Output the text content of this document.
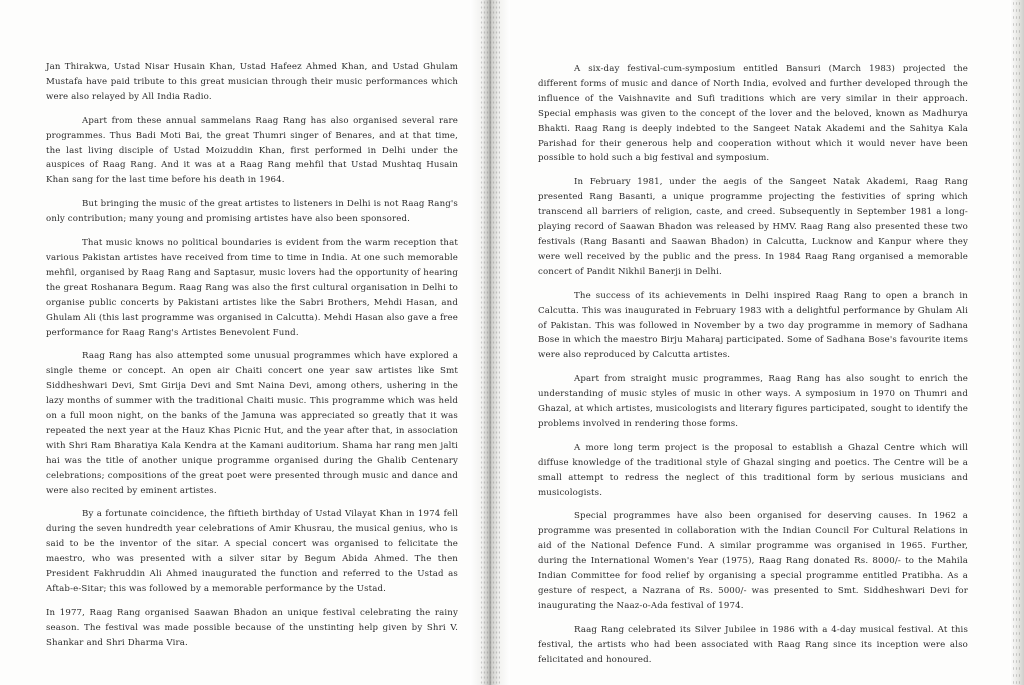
Jan Thirakwa, Ustad Nisar Husain Khan, Ustad Hafeez Ahmed Khan, and Ustad Ghulam Mustafa have paid tribute to this great musician through their music performances which were also relayed by All India Radio.

Apart from these annual sammelans Raag Rang has also organised several rare programmes. Thus Badi Moti Bai, the great Thumri singer of Benares, and at that time, the last living disciple of Ustad Moizuddin Khan, first performed in Delhi under the auspices of Raag Rang. And it was at a Raag Rang mehfil that Ustad Mushtaq Husain Khan sang for the last time before his death in 1964.

But bringing the music of the great artistes to listeners in Delhi is not Raag Rang's only contribution; many young and promising artistes have also been sponsored.

That music knows no political boundaries is evident from the warm reception that various Pakistan artistes have received from time to time in India. At one such memorable mehfil, organised by Raag Rang and Saptasur, music lovers had the opportunity of hearing the great Roshanara Begum. Raag Rang was also the first cultural organisation in Delhi to organise public concerts by Pakistani artistes like the Sabri Brothers, Mehdi Hasan, and Ghulam Ali (this last programme was organised in Calcutta). Mehdi Hasan also gave a free performance for Raag Rang's Artistes Benevolent Fund.

Raag Rang has also attempted some unusual programmes which have explored a single theme or concept. An open air Chaiti concert one year saw artistes like Smt Siddheshwari Devi, Smt Girija Devi and Smt Naina Devi, among others, ushering in the lazy months of summer with the traditional Chaiti music. This programme which was held on a full moon night, on the banks of the Jamuna was appreciated so greatly that it was repeated the next year at the Hauz Khas Picnic Hut, and the year after that, in association with Shri Ram Bharatiya Kala Kendra at the Kamani auditorium. Shama har rang men jalti hai was the title of another unique programme organised during the Ghalib Centenary celebrations; compositions of the great poet were presented through music and dance and were also recited by eminent artistes.

By a fortunate coincidence, the fiftieth birthday of Ustad Vilayat Khan in 1974 fell during the seven hundredth year celebrations of Amir Khusrau, the musical genius, who is said to be the inventor of the sitar. A special concert was organised to felicitate the maestro, who was presented with a silver sitar by Begum Abida Ahmed. The then President Fakhruddin Ali Ahmed inaugurated the function and referred to the Ustad as Aftab-e-Sitar; this was followed by a memorable performance by the Ustad.

In 1977, Raag Rang organised Saawan Bhadon an unique festival celebrating the rainy season. The festival was made possible because of the unstinting help given by Shri V. Shankar and Shri Dharma Vira.

A six-day festival-cum-symposium entitled Bansuri (March 1983) projected the different forms of music and dance of North India, evolved and further developed through the influence of the Vaishnavite and Sufi traditions which are very similar in their approach. Special emphasis was given to the concept of the lover and the beloved, known as Madhurya Bhakti. Raag Rang is deeply indebted to the Sangeet Natak Akademi and the Sahitya Kala Parishad for their generous help and cooperation without which it would never have been possible to hold such a big festival and symposium.

In February 1981, under the aegis of the Sangeet Natak Akademi, Raag Rang presented Rang Basanti, a unique programme projecting the festivities of spring which transcend all barriers of religion, caste, and creed. Subsequently in September 1981 a long-playing record of Saawan Bhadon was released by HMV. Raag Rang also presented these two festivals (Rang Basanti and Saawan Bhadon) in Calcutta, Lucknow and Kanpur where they were well received by the public and the press. In 1984 Raag Rang organised a memorable concert of Pandit Nikhil Banerji in Delhi.

The success of its achievements in Delhi inspired Raag Rang to open a branch in Calcutta. This was inaugurated in February 1983 with a delightful performance by Ghulam Ali of Pakistan. This was followed in November by a two day programme in memory of Sadhana Bose in which the maestro Birju Maharaj participated. Some of Sadhana Bose's favourite items were also reproduced by Calcutta artistes.

Apart from straight music programmes, Raag Rang has also sought to enrich the understanding of music styles of music in other ways. A symposium in 1970 on Thumri and Ghazal, at which artistes, musicologists and literary figures participated, sought to identify the problems involved in rendering those forms.

A more long term project is the proposal to establish a Ghazal Centre which will diffuse knowledge of the traditional style of Ghazal singing and poetics. The Centre will be a small attempt to redress the neglect of this traditional form by serious musicians and musicologists.

Special programmes have also been organised for deserving causes. In 1962 a programme was presented in collaboration with the Indian Council For Cultural Relations in aid of the National Defence Fund. A similar programme was organised in 1965. Further, during the International Women's Year (1975), Raag Rang donated Rs. 8000/- to the Mahila Indian Committee for food relief by organising a special programme entitled Pratibha. As a gesture of respect, a Nazrana of Rs. 5000/- was presented to Smt. Siddheshwari Devi for inaugurating the Naaz-o-Ada festival of 1974.

Raag Rang celebrated its Silver Jubilee in 1986 with a 4-day musical festival. At this festival, the artists who had been associated with Raag Rang since its inception were also felicitated and honoured.
